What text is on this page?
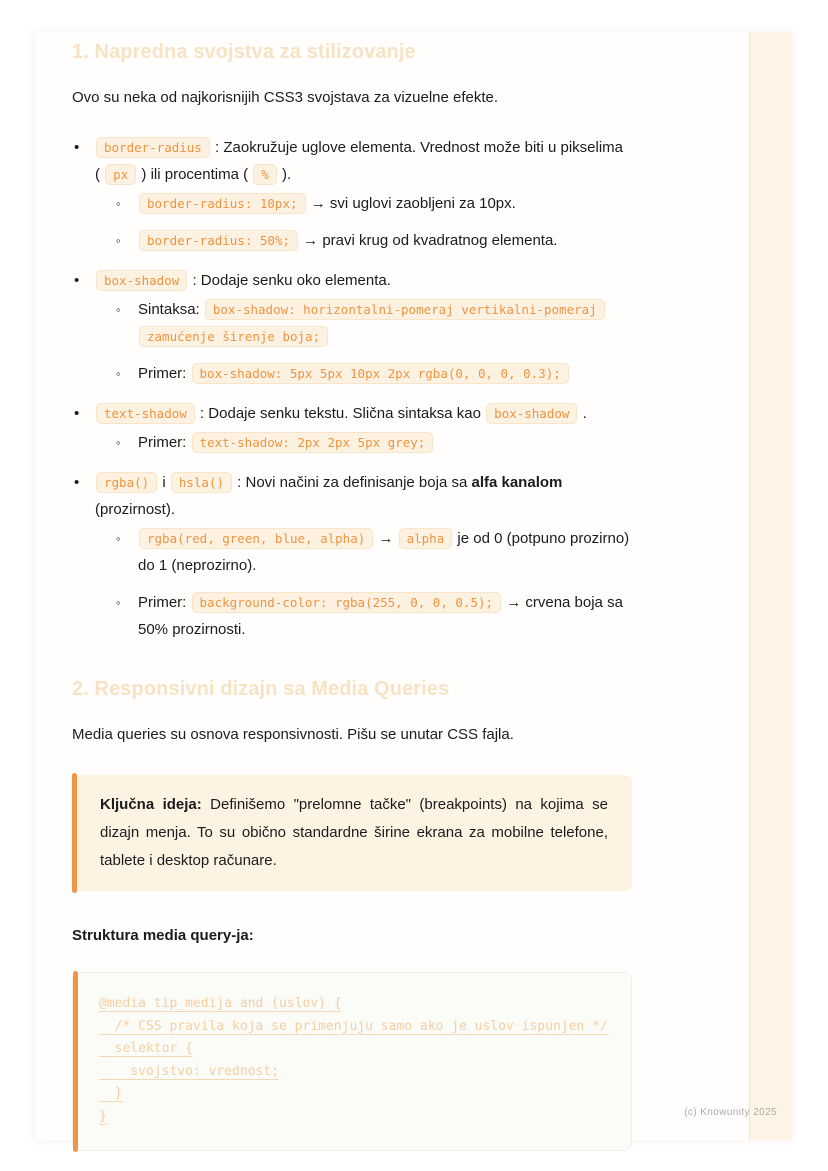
1. Napredna svojstva za stilizovanje

Ovo su neka od najkorisnijih CSS3 svojstava za vizuelne efekte.

• border-radius : Zaokružuje uglove elementa. Vrednost može biti u pikselima ( px ) ili procentima ( % ).
◦ border-radius: 10px; → svi uglovi zaobljeni za 10px.
◦ border-radius: 50%; → pravi krug od kvadratnog elementa.
• box-shadow : Dodaje senku oko elementa.
◦ Sintaksa: box-shadow: horizontalni-pomeraj vertikalni-pomeraj zamućenje širenje boja;
◦ Primer: box-shadow: 5px 5px 10px 2px rgba(0, 0, 0, 0.3);
• text-shadow : Dodaje senku tekstu. Slična sintaksa kao box-shadow .
◦ Primer: text-shadow: 2px 2px 5px grey;
• rgba() i hsla() : Novi načini za definisanje boja sa alfa kanalom (prozirnost).
◦ rgba(red, green, blue, alpha) → alpha je od 0 (potpuno prozirno) do 1 (neprozirno).
◦ Primer: background-color: rgba(255, 0, 0, 0.5); → crvena boja sa 50% prozirnosti.
2. Responsivni dizajn sa Media Queries

Media queries su osnova responsivnosti. Pišu se unutar CSS fajla.

Ključna ideja: Definišemo "prelomne tačke" (breakpoints) na kojima se dizajn menja. To su obično standardne širine ekrana za mobilne telefone, tablete i desktop računare.

Struktura media query-ja:

@media tip_medija and (uslov) {
/* CSS pravila koja se primenjuju samo ako je uslov ispunjen */
selektor {
svojstvo: vrednost;
}
}	(c) Knowunity 2025
